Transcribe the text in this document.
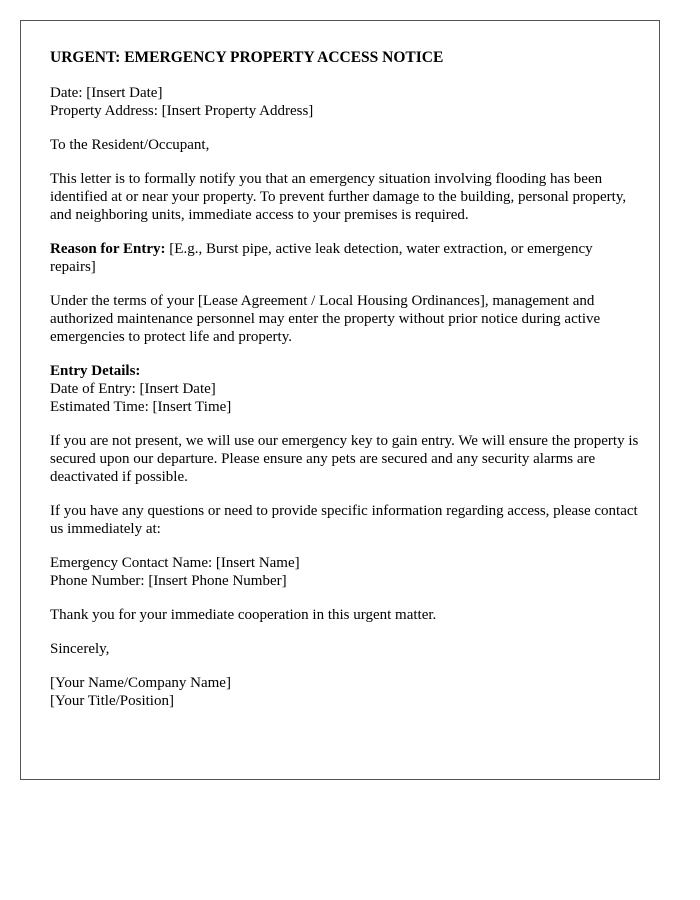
URGENT: EMERGENCY PROPERTY ACCESS NOTICE
Date: [Insert Date]
Property Address: [Insert Property Address]
To the Resident/Occupant,
This letter is to formally notify you that an emergency situation involving flooding has been identified at or near your property. To prevent further damage to the building, personal property, and neighboring units, immediate access to your premises is required.
Reason for Entry: [E.g., Burst pipe, active leak detection, water extraction, or emergency repairs]
Under the terms of your [Lease Agreement / Local Housing Ordinances], management and authorized maintenance personnel may enter the property without prior notice during active emergencies to protect life and property.
Entry Details:
Date of Entry: [Insert Date]
Estimated Time: [Insert Time]
If you are not present, we will use our emergency key to gain entry. We will ensure the property is secured upon our departure. Please ensure any pets are secured and any security alarms are deactivated if possible.
If you have any questions or need to provide specific information regarding access, please contact us immediately at:
Emergency Contact Name: [Insert Name]
Phone Number: [Insert Phone Number]
Thank you for your immediate cooperation in this urgent matter.
Sincerely,
[Your Name/Company Name]
[Your Title/Position]
